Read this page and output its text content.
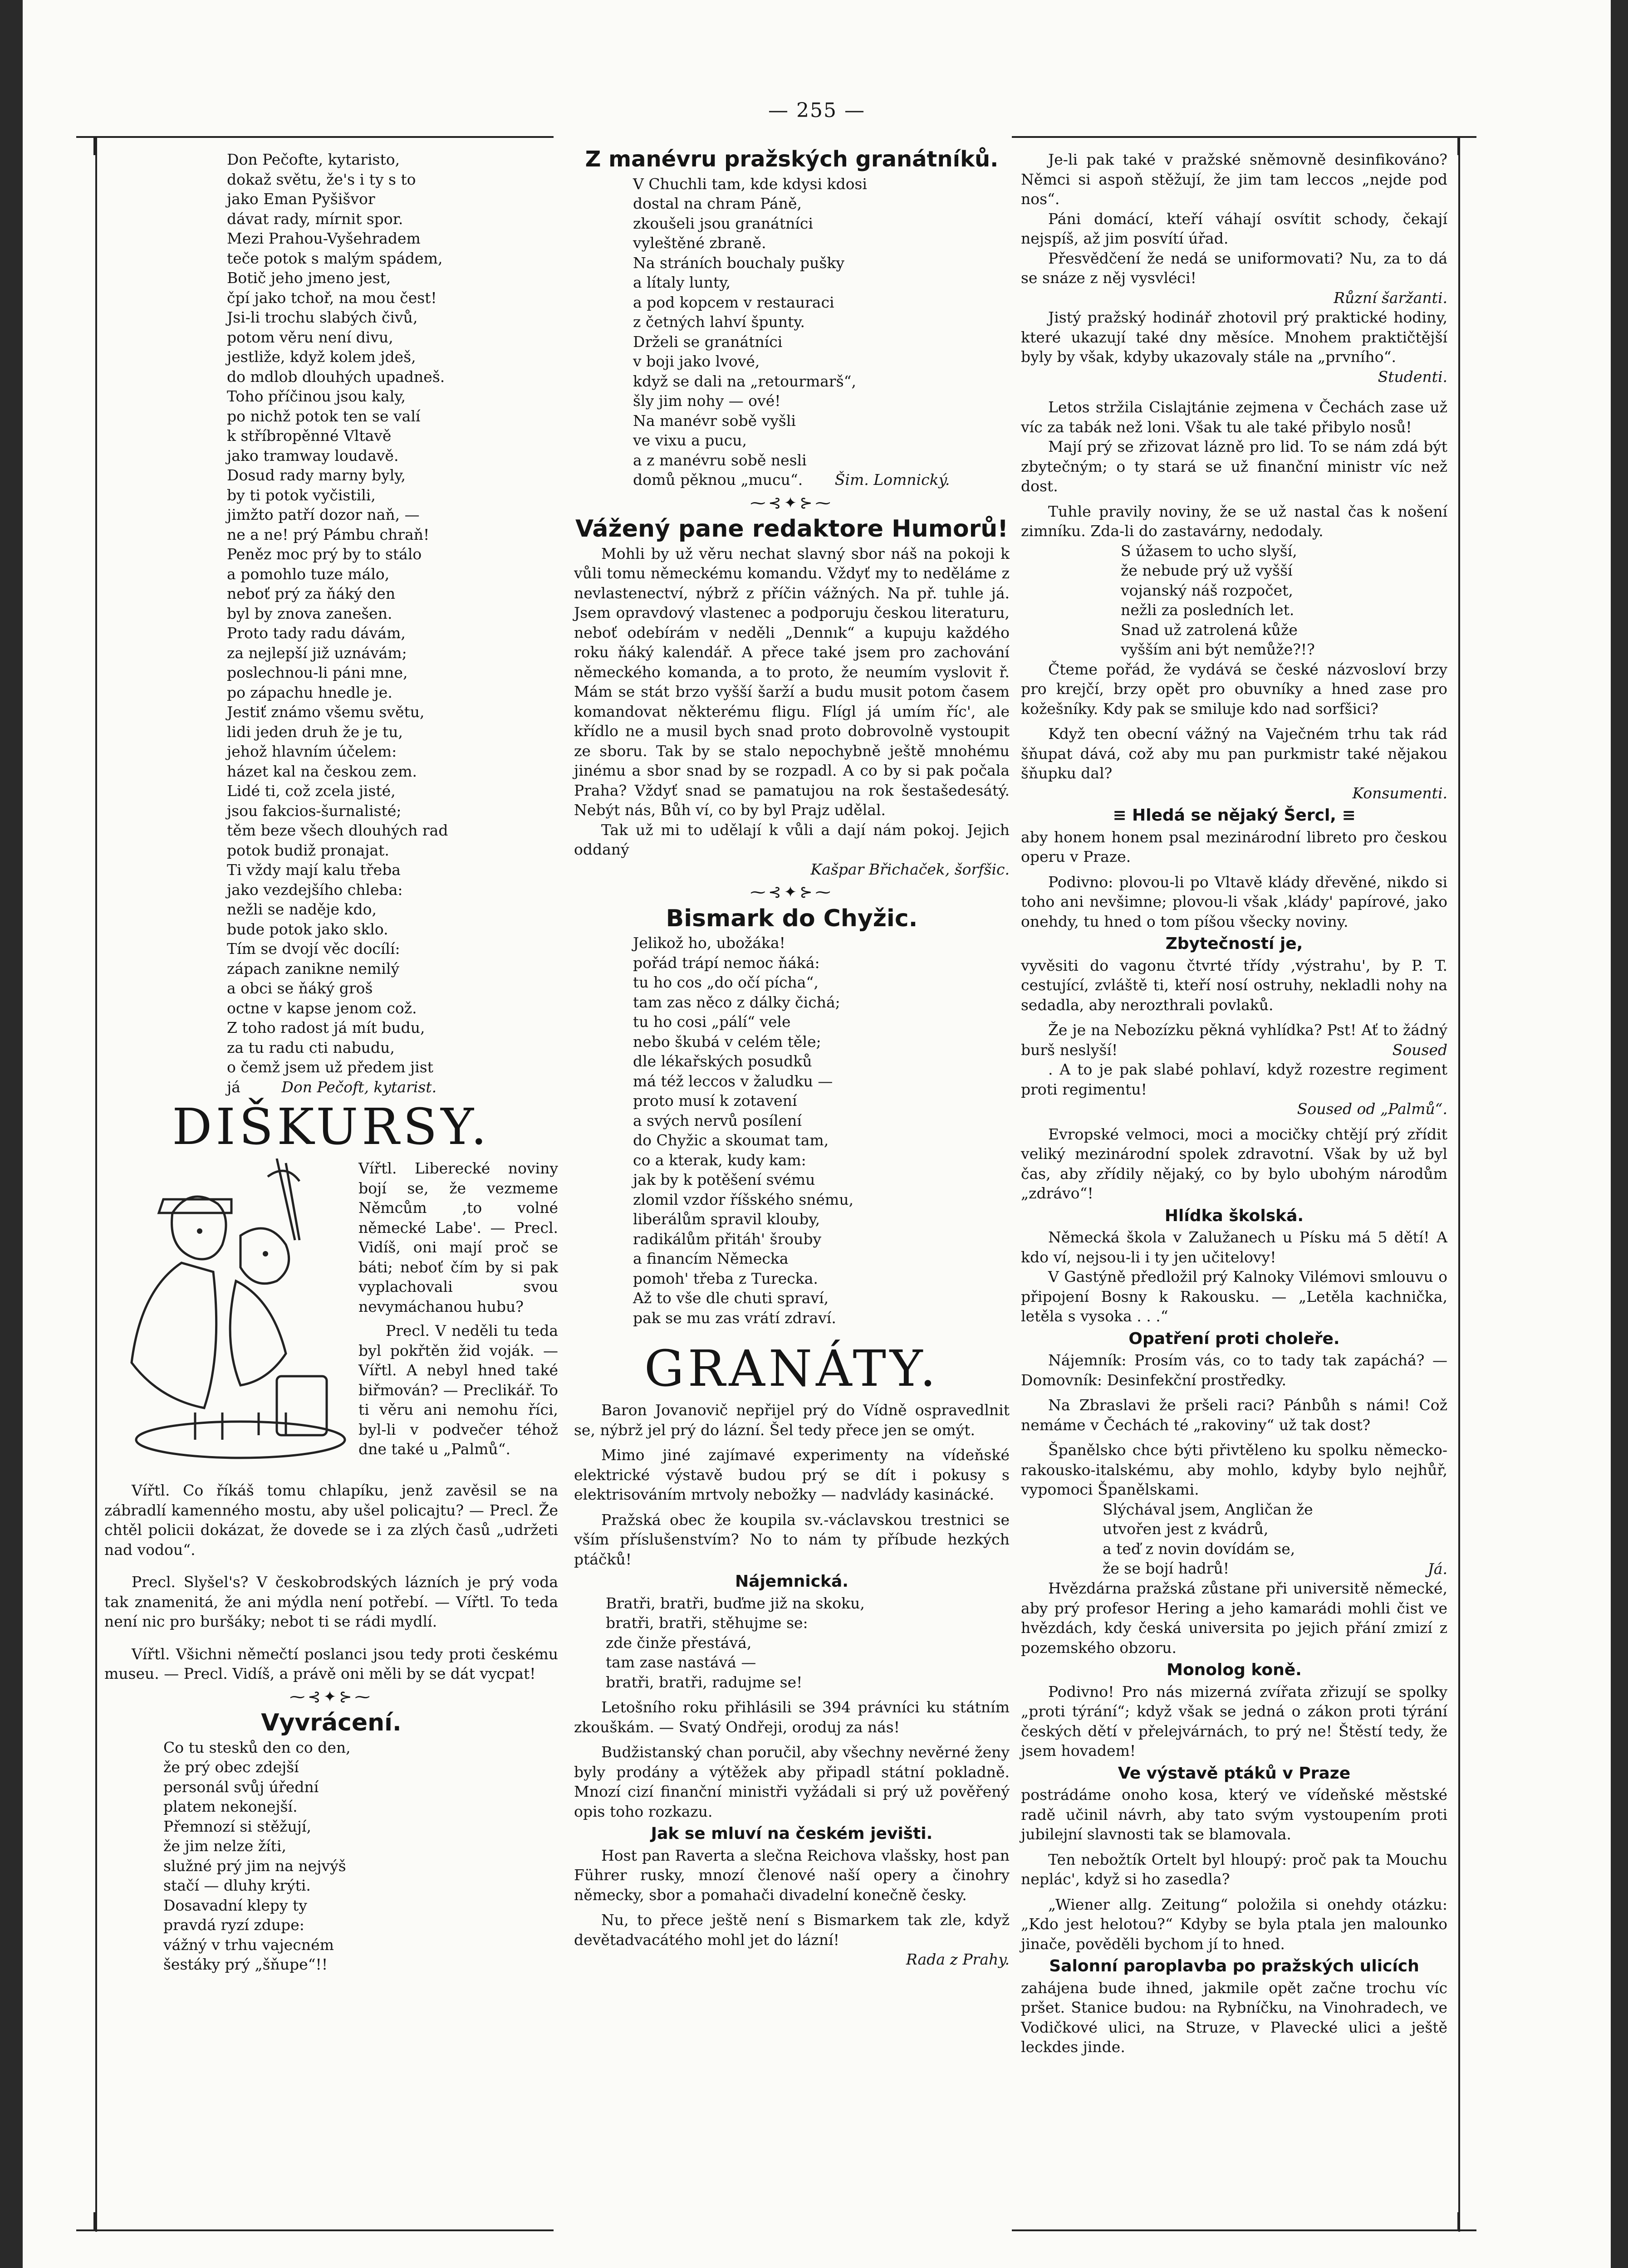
— 255 —

Don Pečofte, kytaristo,

dokaž světu, že's i ty s to

jako Eman Pyšišvor

dávat rady, mírnit spor.

Mezi Prahou-Vyšehradem

teče potok s malým spádem,

Botič jeho jmeno jest,

čpí jako tchoř, na mou čest!

Jsi-li trochu slabých čivů,

potom věru není divu,

jestliže, když kolem jdeš,

do mdlob dlouhých upadneš.

Toho příčinou jsou kaly,

po nichž potok ten se valí

k stříbropěnné Vltavě

jako tramway loudavě.

Dosud rady marny byly,

by ti potok vyčistili,

jimžto patří dozor naň, —

ne a ne! prý Pámbu chraň!

Peněz moc prý by to stálo

a pomohlo tuze málo,

neboť prý za ňáký den

byl by znova zanešen.

Proto tady radu dávám,

za nejlepší již uznávám;

poslechnou-li páni mne,

po zápachu hnedle je.

Jestiť známo všemu světu,

lidi jeden druh že je tu,

jehož hlavním účelem:

házet kal na českou zem.

Lidé ti, což zcela jisté,

jsou fakcios-šurnalisté;

těm beze všech dlouhých rad

potok budiž pronajat.

Ti vždy mají kalu třeba

jako vezdejšího chleba:

nežli se naděje kdo,

bude potok jako sklo.

Tím se dvojí věc docílí:

zápach zanikne nemilý

a obci se ňáký groš

octne v kapse jenom což.

Z toho radost já mít budu,

za tu radu cti nabudu,

o čemž jsem už předem jist

já	Don Pečoft, kytarist.

DIŠKURSY.

Vířtl. Liberecké noviny bojí se, že vezmeme Němcům ,to volné německé Labe'. — Precl. Vidíš, oni mají proč se báti; neboť čím by si pak vyplachovali svou nevymáchanou hubu?

Precl. V neděli tu teda byl pokřtěn žid voják. — Vířtl. A nebyl hned také biřmován? — Preclikář. To ti věru ani nemohu říci, byl-li v podvečer téhož dne také u „Palmů“.

Vířtl. Co říkáš tomu chlapíku, jenž zavěsil se na zábradlí kamenného mostu, aby ušel policajtu? — Precl. Že chtěl policii dokázat, že dovede se i za zlých časů „udržeti nad vodou“.

Precl. Slyšel's? V českobrodských lázních je prý voda tak znamenitá, že ani mýdla není potřebí. — Vířtl. To teda není nic pro buršáky; nebot ti se rádi mydlí.

Vířtl. Všichni němečtí poslanci jsou tedy proti českému museu. — Precl. Vidíš, a právě oni měli by se dát vycpat!

⁓⊰✦⊱⁓
Vyvrácení.

Co tu stesků den co den,

že prý obec zdejší

personál svůj úřední

platem nekonejší.

Přemnozí si stěžují,

že jim nelze žíti,

služné prý jim na nejvýš

stačí — dluhy krýti.

Dosavadní klepy ty

pravdá ryzí zdupe:

vážný v trhu vajecném

šestáky prý „šňupe“!!

Z manévru pražských granátníků.

V Chuchli tam, kde kdysi kdosi

dostal na chram Páně,

zkoušeli jsou granátníci

vyleštěné zbraně.

Na stráních bouchaly pušky

a lítaly lunty,

a pod kopcem v restauraci

z četných lahví špunty.

Drželi se granátníci

v boji jako lvové,

když se dali na „retourmarš“,

šly jim nohy — ové!

Na manévr sobě vyšli

ve vixu a pucu,

a z manévru sobě nesli

domů pěknou „mucu“. Šim. Lomnický.

⁓⊰✦⊱⁓
Vážený pane redaktore Humorů!

Mohli by už věru nechat slavný sbor náš na pokoji k vůli tomu německému komandu. Vždyť my to neděláme z nevlastenectví, nýbrž z příčin vážných. Na př. tuhle já. Jsem opravdový vlastenec a podporuju českou literaturu, neboť odebírám v neděli „Dennık“ a kupuju každého roku ňáký kalendář. A přece také jsem pro zachování německého komanda, a to proto, že neumím vyslovit ř. Mám se stát brzo vyšší šarží a budu musit potom časem komandovat některému fligu. Flígl já umím říc', ale křídlo ne a musil bych snad proto dobrovolně vystoupit ze sboru. Tak by se stalo nepochybně ještě mnohému jinému a sbor snad by se rozpadl. A co by si pak počala Praha? Vždyť snad se pamatujou na rok šestašedesátý. Nebýt nás, Bůh ví, co by byl Prajz udělal.

Tak už mi to udělají k vůli a dají nám pokoj. Jejich oddaný

Kašpar Břichaček, šorfšic.

⁓⊰✦⊱⁓
Bismark do Chyžic.

Jelikož ho, ubožáka!

pořád trápí nemoc ňáká:

tu ho cos „do očí pícha“,

tam zas něco z dálky čichá;

tu ho cosi „pálí“ vele

nebo škubá v celém těle;

dle lékařských posudků

má též leccos v žaludku —

proto musí k zotavení

a svých nervů posílení

do Chyžic a skoumat tam,

co a kterak, kudy kam:

jak by k potěšení svému

zlomil vzdor říšského snému,

liberálům spravil klouby,

radikálům přitáh' šrouby

a financím Německa

pomoh' třeba z Turecka.

Až to vše dle chuti spraví,

pak se mu zas vrátí zdraví.

GRANÁTY.

Baron Jovanovič nepřijel prý do Vídně ospravedlnit se, nýbrž jel prý do lázní. Šel tedy přece jen se omýt.

Mimo jiné zajímavé experimenty na vídeňské elektrické výstavě budou prý se dít i pokusy s elektrisováním mrtvoly nebožky — nadvlády kasinácké.

Pražská obec že koupila sv.-václavskou trestnici se vším příslušenstvím? No to nám ty příbude hezkých ptáčků!

Nájemnická.

Bratři, bratři, buďme již na skoku,

bratři, bratři, stěhujme se:

zde činže přestává,

tam zase nastává —

bratři, bratři, radujme se!

Letošního roku přihlásili se 394 právníci ku státním zkouškám. — Svatý Ondřeji, oroduj za nás!

Budžistanský chan poručil, aby všechny nevěrné ženy byly prodány a výtěžek aby připadl státní pokladně. Mnozí cizí finanční ministři vyžádali si prý už pověřený opis toho rozkazu.

Jak se mluví na českém jevišti.

Host pan Raverta a slečna Reichova vlašsky, host pan Führer rusky, mnozí členové naší opery a činohry německy, sbor a pomahači divadelní konečně česky.

Nu, to přece ještě není s Bismarkem tak zle, když devětadvacátého mohl jet do lázní!

Rada z Prahy.

Je-li pak také v pražské sněmovně desinfikováno? Němci si aspoň stěžují, že jim tam leccos „nejde pod nos“.

Páni domácí, kteří váhají osvítit schody, čekají nejspíš, až jim posvítí úřad.

Přesvědčení že nedá se uniformovati? Nu, za to dá se snáze z něj vysvléci!

Různí šaržanti.

Jistý pražský hodinář zhotovil prý praktické hodiny, které ukazují také dny měsíce. Mnohem praktičtější byly by však, kdyby ukazovaly stále na „prvního“.

Studenti.

Letos stržila Cislajtánie zejmena v Čechách zase už víc za tabák než loni. Však tu ale také přibylo nosů!

Mají prý se zřizovat lázně pro lid. To se nám zdá být zbytečným; o ty stará se už finanční ministr víc než dost.

Tuhle pravily noviny, že se už nastal čas k nošení zimníku. Zda-li do zastavárny, nedodaly.

S úžasem to ucho slyší,

že nebude prý už vyšší

vojanský náš rozpočet,

nežli za posledních let.

Snad už zatrolená kůže

vyšším ani být nemůže?!?

Čteme pořád, že vydává se české názvosloví brzy pro krejčí, brzy opět pro obuvníky a hned zase pro kožešníky. Kdy pak se smiluje kdo nad sorfšici?

Když ten obecní vážný na Vaječném trhu tak rád šňupat dává, což aby mu pan purkmistr také nějakou šňupku dal?

Konsumenti.

≡ Hledá se nějaký Šercl, ≡

aby honem honem psal mezinárodní libreto pro českou operu v Praze.

Podivno: plovou-li po Vltavě klády dřevěné, nikdo si toho ani nevšimne; plovou-li však ,klády' papírové, jako onehdy, tu hned o tom píšou všecky noviny.

Zbytečností je,

vyvěsiti do vagonu čtvrté třídy ,výstrahu', by P. T. cestující, zvláště ti, kteří nosí ostruhy, nekladli nohy na sedadla, aby nerozthrali povlaků.

Že je na Nebozízku pěkná vyhlídka? Pst! Ať to žádný burš neslyší!	Soused

. A to je pak slabé pohlaví, když rozestre regiment proti regimentu!

Soused od „Palmů“.

Evropské velmoci, moci a mocičky chtějí prý zřídit veliký mezinárodní spolek zdravotní. Však by už byl čas, aby zřídily nějaký, co by bylo ubohým národům „zdrávo“!

Hlídka školská.

Německá škola v Zalužanech u Písku má 5 dětí! A kdo ví, nejsou-li i ty jen učitelovy!

V Gastýně předložil prý Kalnoky Vilémovi smlouvu o připojení Bosny k Rakousku. — „Letěla kachnička, letěla s vysoka . . .“

Opatření proti choleře.

Nájemník: Prosím vás, co to tady tak zapáchá? — Domovník: Desinfekční prostředky.

Na Zbraslavi že pršeli raci? Pánbůh s námi! Což nemáme v Čechách té „rakoviny“ už tak dost?

Španělsko chce býti přivtěleno ku spolku německo-rakousko-italskému, aby mohlo, kdyby bylo nejhůř, vypomoci Španělskami.

Slýchával jsem, Angličan že

utvořen jest z kvádrů,

a teď z novin dovídám se,

že se bojí hadrů!	Já.

Hvězdárna pražská zůstane při universitě německé, aby prý profesor Hering a jeho kamarádi mohli čist ve hvězdách, kdy česká universita po jejich přání zmizí z pozemského obzoru.

Monolog koně.

Podivno! Pro nás mizerná zvířata zřizují se spolky „proti týrání“; když však se jedná o zákon proti týrání českých dětí v přelejvárnách, to prý ne! Štěstí tedy, že jsem hovadem!

Ve výstavě ptáků v Praze

postrádáme onoho kosa, který ve vídeňské městské radě učinil návrh, aby tato svým vystoupením proti jubilejní slavnosti tak se blamovala.

Ten nebožtík Ortelt byl hloupý: proč pak ta Mouchu neplác', když si ho zasedla?

„Wiener allg. Zeitung“ položila si onehdy otázku: „Kdo jest helotou?“ Kdyby se byla ptala jen malounko jinače, pověděli bychom jí to hned.

Salonní paroplavba po pražských ulicích

zahájena bude ihned, jakmile opět začne trochu víc pršet. Stanice budou: na Rybníčku, na Vinohradech, ve Vodičkové ulici, na Struze, v Plavecké ulici a ještě leckdes jinde.
